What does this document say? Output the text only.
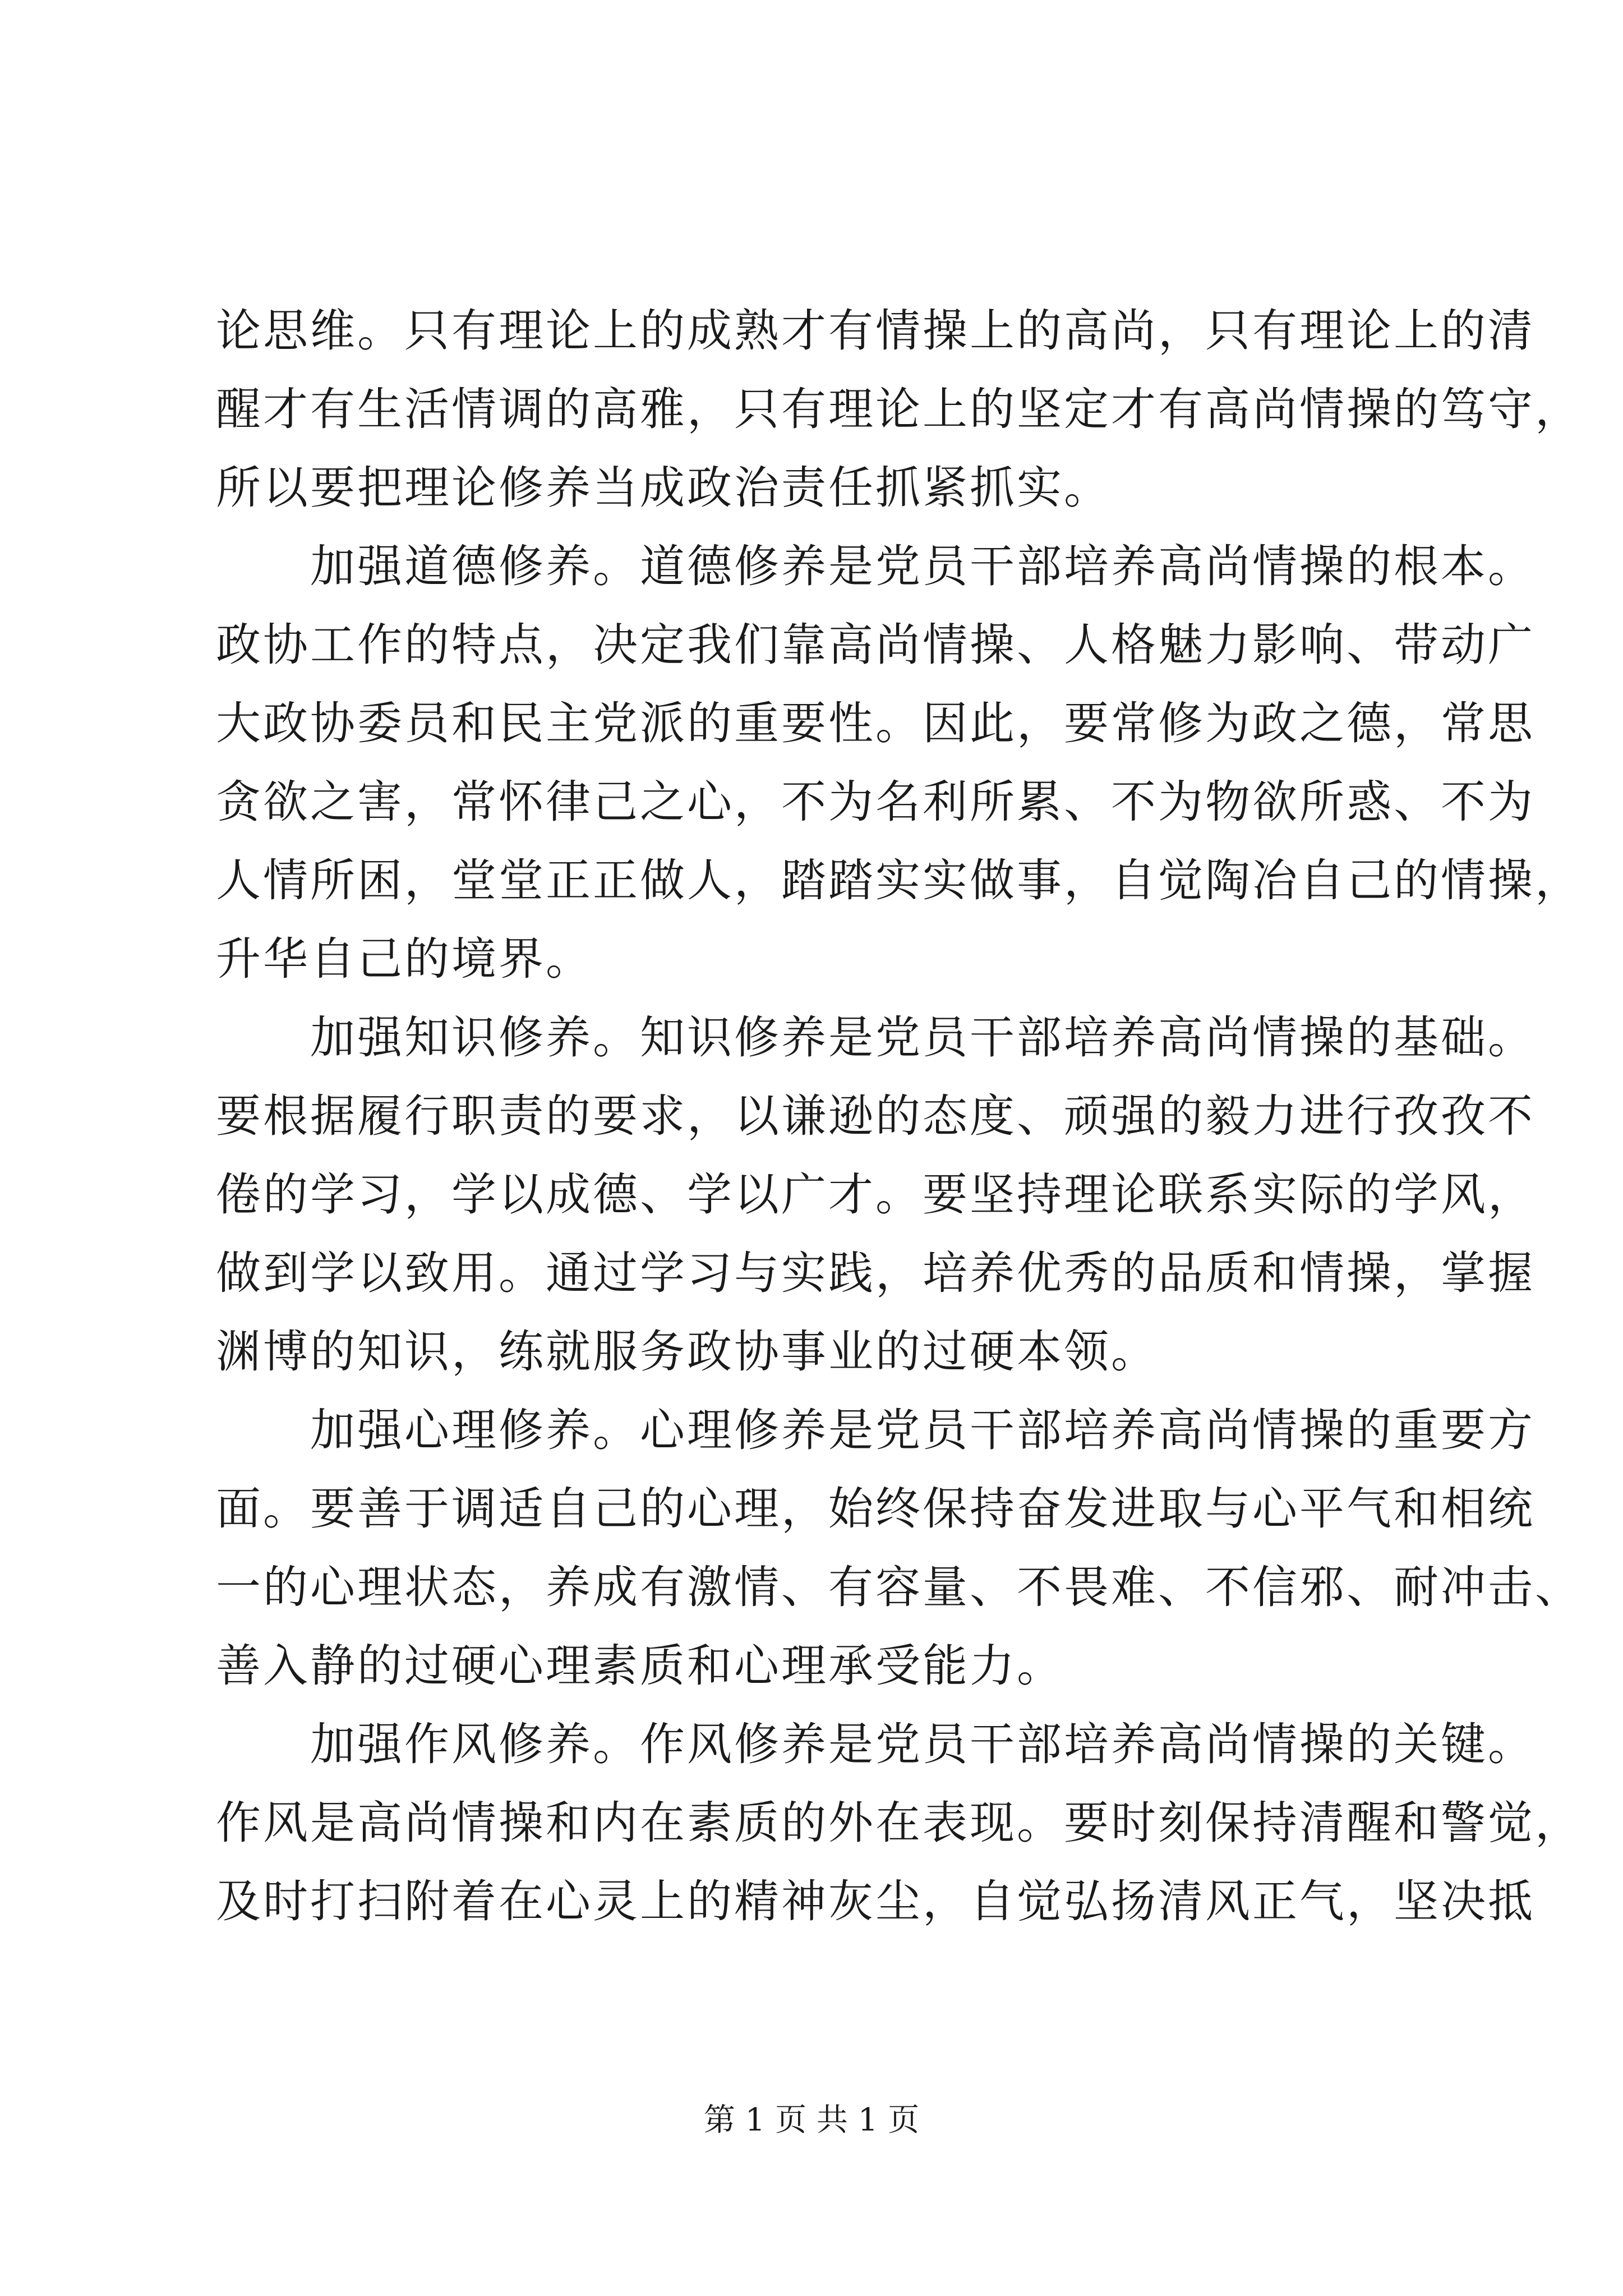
论思维。只有理论上的成熟才有情操上的高尚，只有理论上的清
醒才有生活情调的高雅，只有理论上的坚定才有高尚情操的笃守，
所以要把理论修养当成政治责任抓紧抓实。
　　加强道德修养。道德修养是党员干部培养高尚情操的根本。
政协工作的特点，决定我们靠高尚情操、人格魅力影响、带动广
大政协委员和民主党派的重要性。因此，要常修为政之德，常思
贪欲之害，常怀律己之心，不为名利所累、不为物欲所惑、不为
人情所困，堂堂正正做人，踏踏实实做事，自觉陶冶自己的情操，
升华自己的境界。
　　加强知识修养。知识修养是党员干部培养高尚情操的基础。
要根据履行职责的要求，以谦逊的态度、顽强的毅力进行孜孜不
倦的学习，学以成德、学以广才。要坚持理论联系实际的学风，
做到学以致用。通过学习与实践，培养优秀的品质和情操，掌握
渊博的知识，练就服务政协事业的过硬本领。
　　加强心理修养。心理修养是党员干部培养高尚情操的重要方
面。要善于调适自己的心理，始终保持奋发进取与心平气和相统
一的心理状态，养成有激情、有容量、不畏难、不信邪、耐冲击、
善入静的过硬心理素质和心理承受能力。
　　加强作风修养。作风修养是党员干部培养高尚情操的关键。
作风是高尚情操和内在素质的外在表现。要时刻保持清醒和警觉，
及时打扫附着在心灵上的精神灰尘，自觉弘扬清风正气，坚决抵
第 1 页 共 1 页
